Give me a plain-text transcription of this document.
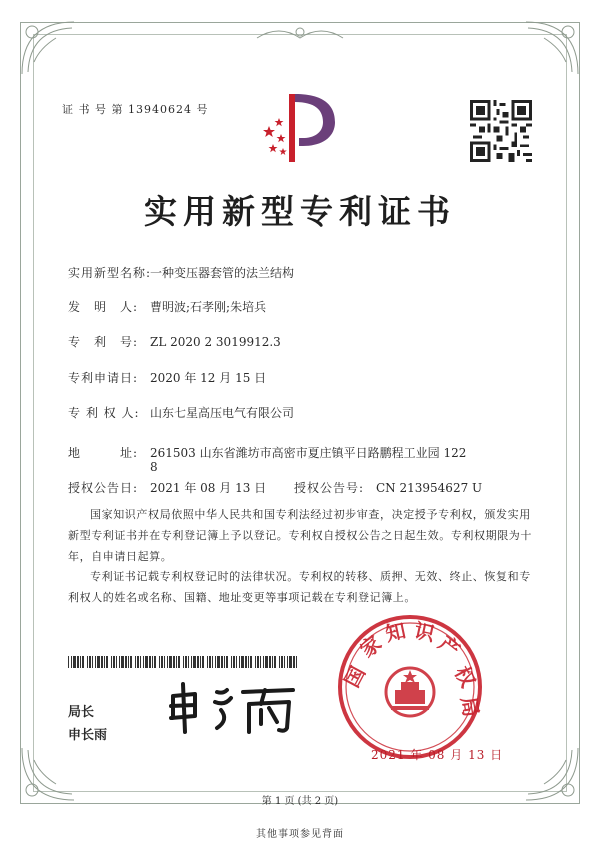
证 书 号 第 13940624 号
实用新型专利证书
实用新型名称:一种变压器套管的法兰结构
发　明　人: 曹明波;石孝刚;朱培兵
专　利　号: ZL 2020 2 3019912.3
专利申请日: 2020 年 12 月 15 日
专 利 权 人: 山东七星高压电气有限公司
地　　　址: 261503 山东省潍坊市高密市夏庄镇平日路鹏程工业园 122
8
授权公告日: 2021 年 08 月 13 日 授权公告号: CN 213954627 U
国家知识产权局依照中华人民共和国专利法经过初步审查，决定授予专利权，颁发实用新型专利证书并在专利登记簿上予以登记。专利权自授权公告之日起生效。专利权期限为十年，自申请日起算。
专利证书记载专利权登记时的法律状况。专利权的转移、质押、无效、终止、恢复和专利权人的姓名或名称、国籍、地址变更等事项记载在专利登记簿上。
局长
申长雨
国
家
知 识
产
权
局
2021 年 08 月 13 日
第 1 页 (共 2 页)
其他事项参见背面
